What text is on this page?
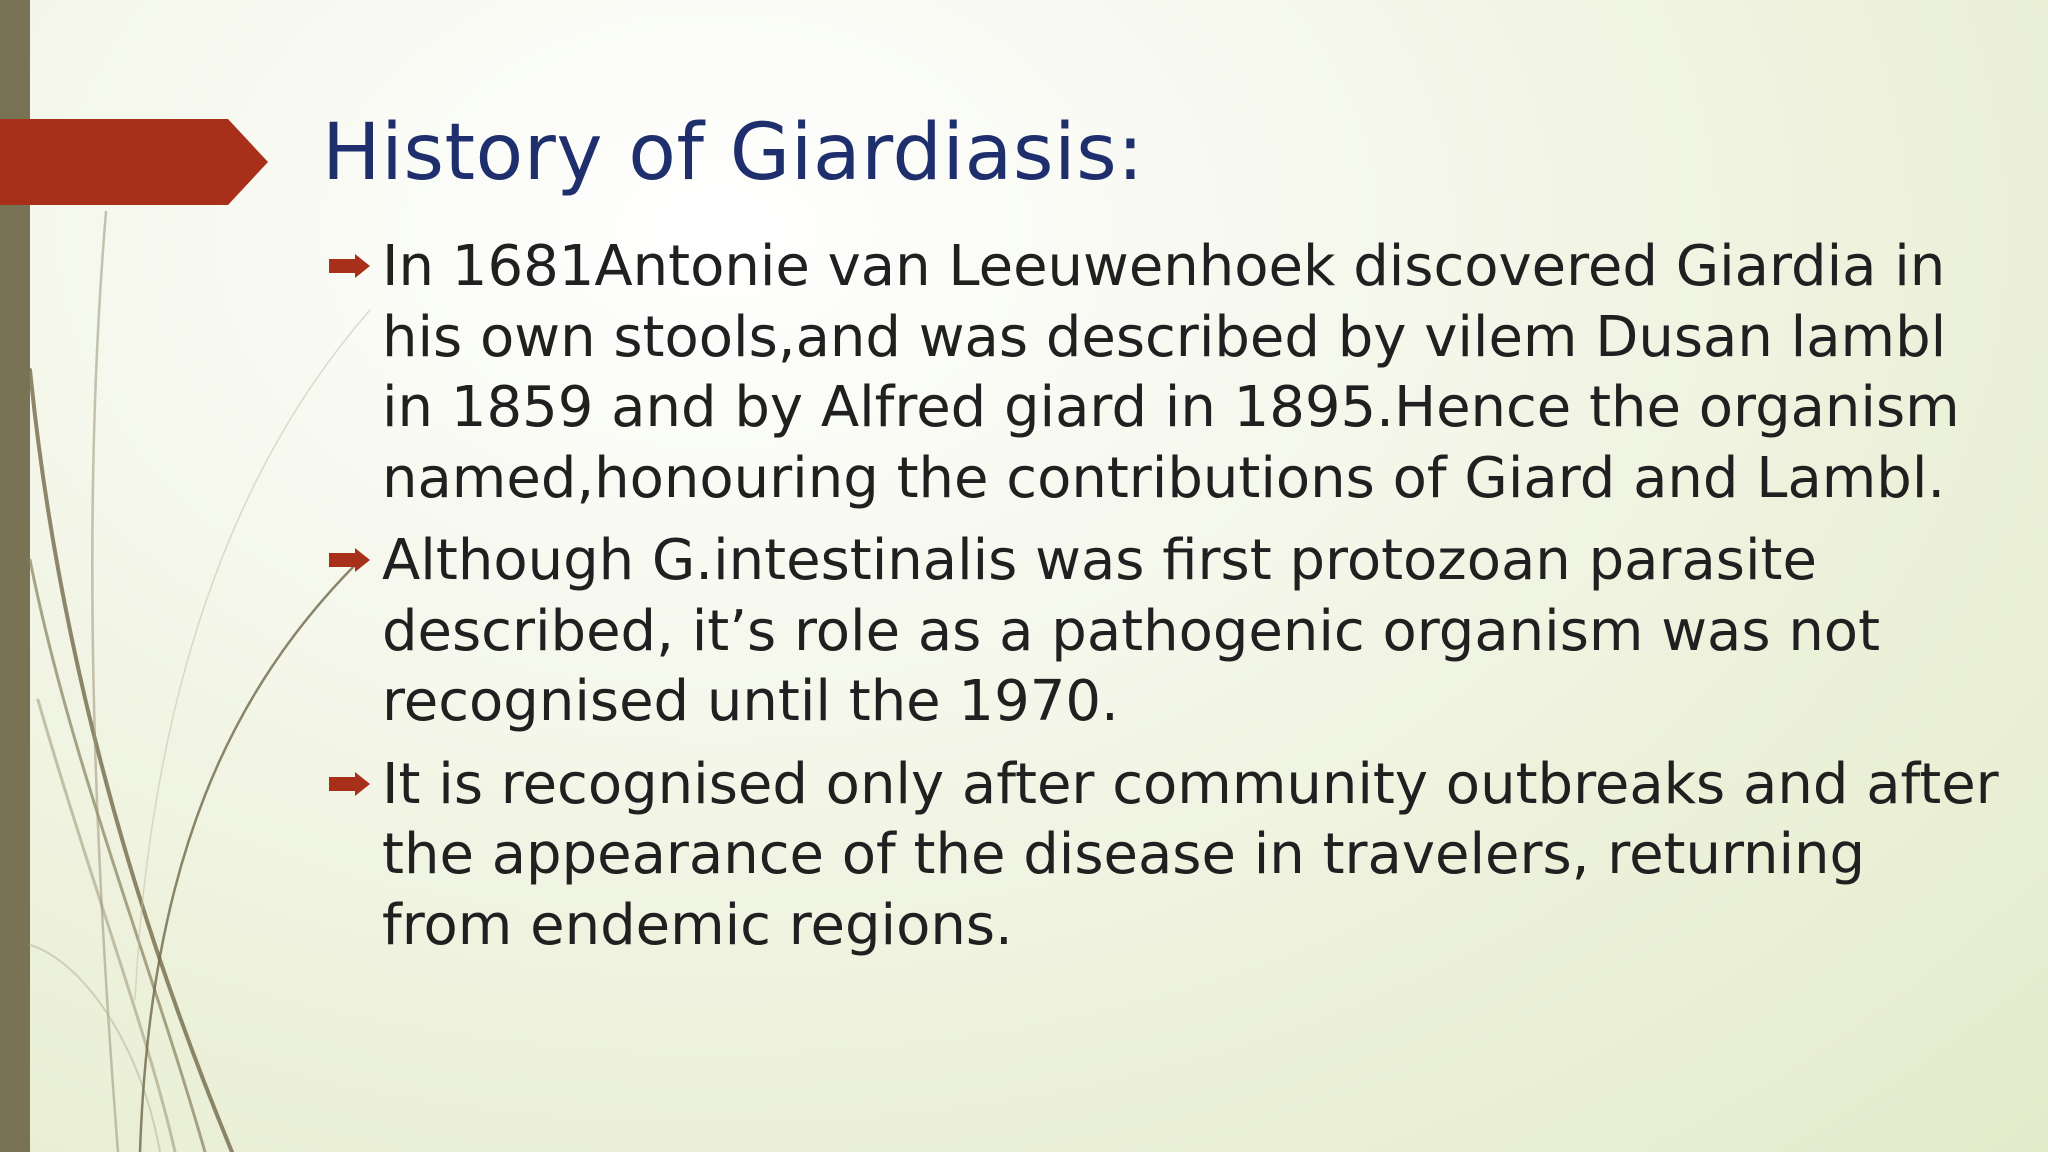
History of Giardiasis:
In 1681Antonie van Leeuwenhoek discovered Giardia in his own stools,and was described by vilem Dusan lambl in 1859 and by Alfred giard in 1895.Hence the organism named,honouring the contributions of Giard and Lambl.
Although G.intestinalis was first protozoan parasite described, it’s role as a pathogenic organism was not recognised until the 1970.
It is recognised only after community outbreaks and after the appearance of the disease in travelers, returning from endemic regions.
